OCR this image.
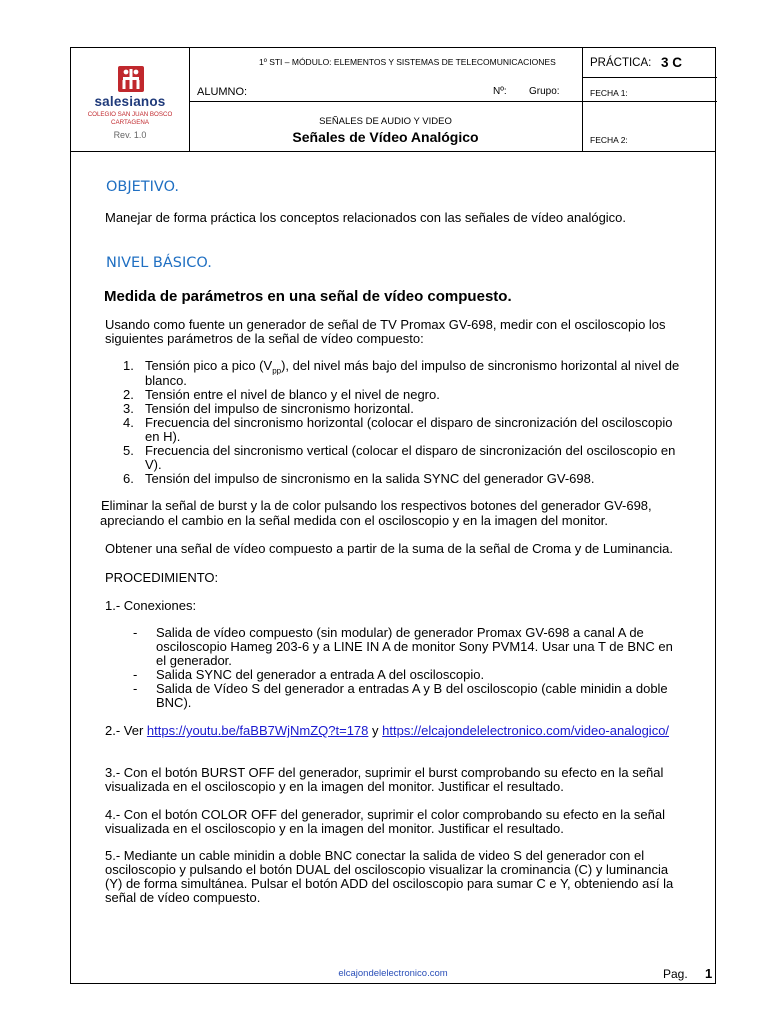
salesianos
COLEGIO SAN JUAN BOSCO
CARTAGENA
Rev. 1.0
1º STI – MÓDULO: ELEMENTOS Y SISTEMAS DE TELECOMUNICACIONES	PRÁCTICA: 3 C
ALUMNO:	Nº: Grupo:	FECHA 1:
SEÑALES DE AUDIO Y VIDEO
Señales de Vídeo Analógico	FECHA 2:
OBJETIVO.
Manejar de forma práctica los conceptos relacionados con las señales de vídeo analógico.
NIVEL BÁSICO.
Medida de parámetros en una señal de vídeo compuesto.
Usando como fuente un generador de señal de TV Promax GV-698, medir con el osciloscopio los
siguientes parámetros de la señal de vídeo compuesto:
1. Tensión pico a pico $(V_{pp})$, del nivel más bajo del impulso de sincronismo horizontal al nivel de
blanco.
2. Tensión entre el nivel de blanco y el nivel de negro.
3. Tensión del impulso de sincronismo horizontal.
4. Frecuencia del sincronismo horizontal (colocar el disparo de sincronización del osciloscopio
en H).
5. Frecuencia del sincronismo vertical (colocar el disparo de sincronización del osciloscopio en
V).
6. Tensión del impulso de sincronismo en la salida SYNC del generador GV-698.
Eliminar la señal de burst y la de color pulsando los respectivos botones del generador GV-698,
apreciando el cambio en la señal medida con el osciloscopio y en la imagen del monitor.
Obtener una señal de vídeo compuesto a partir de la suma de la señal de Croma y de Luminancia.
PROCEDIMIENTO:
1.- Conexiones:
- Salida de vídeo compuesto (sin modular) de generador Promax GV-698 a canal A de
osciloscopio Hameg 203-6 y a LINE IN A de monitor Sony PVM14. Usar una T de BNC en
el generador.
- Salida SYNC del generador a entrada A del osciloscopio.
- Salida de Vídeo S del generador a entradas A y B del osciloscopio (cable minidin a doble
BNC).
2.- Ver https://youtu.be/faBB7WjNmZQ?t=178 y https://elcajondelelectronico.com/video-analogico/
3.- Con el botón BURST OFF del generador, suprimir el burst comprobando su efecto en la señal
visualizada en el osciloscopio y en la imagen del monitor. Justificar el resultado.
4.- Con el botón COLOR OFF del generador, suprimir el color comprobando su efecto en la señal
visualizada en el osciloscopio y en la imagen del monitor. Justificar el resultado.
5.- Mediante un cable minidin a doble BNC conectar la salida de video S del generador con el
osciloscopio y pulsando el botón DUAL del osciloscopio visualizar la crominancia (C) y luminancia
(Y) de forma simultánea. Pulsar el botón ADD del osciloscopio para sumar C e Y, obteniendo así la
señal de vídeo compuesto.
elcajondelelectronico.com	Pag. 1
